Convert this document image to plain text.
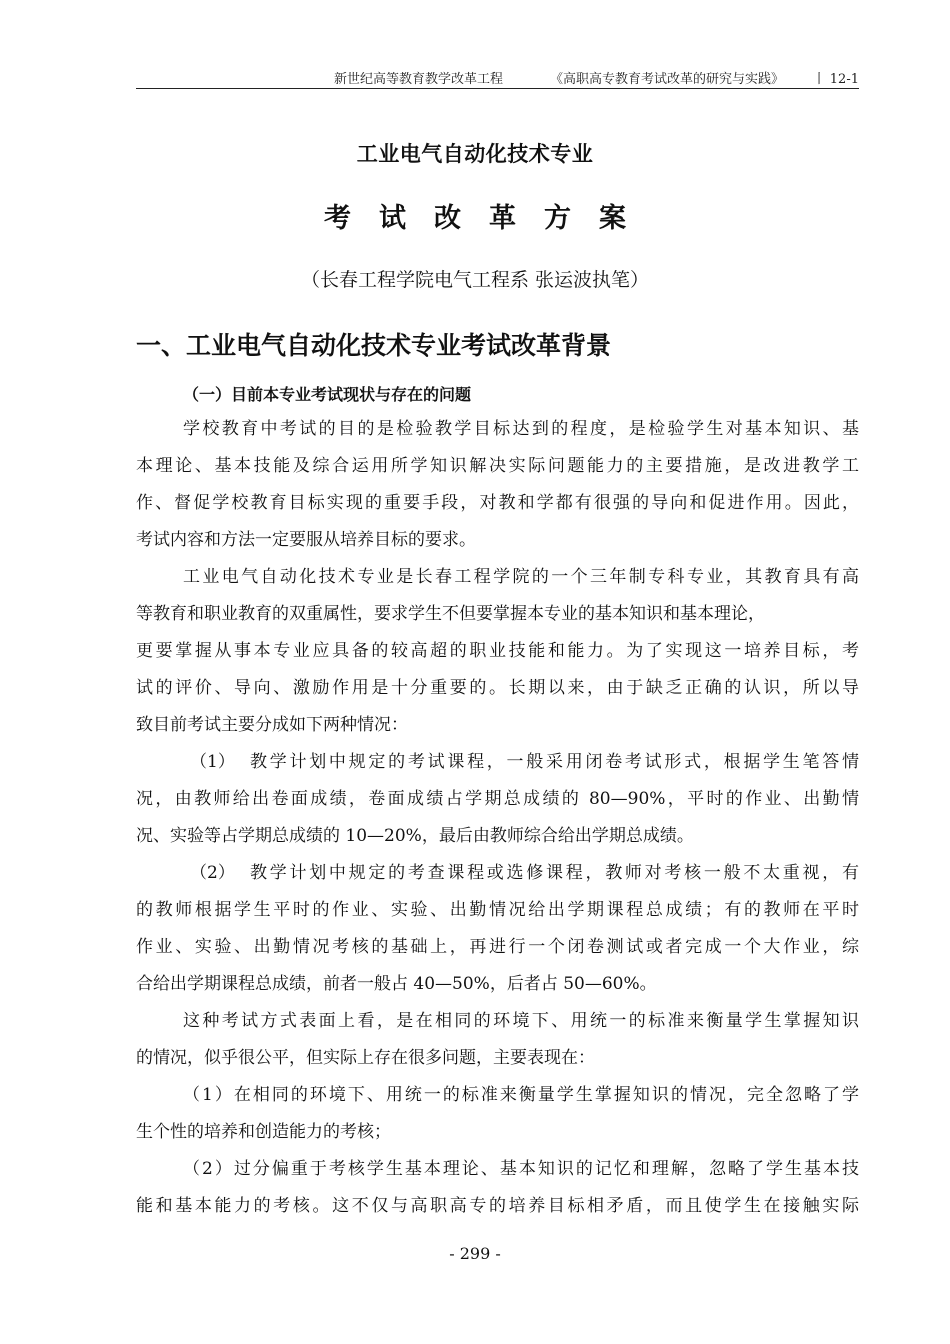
新世纪高等教育教学改革工程	《高职高专教育考试改革的研究与实践》 丨 12-1
工业电气自动化技术专业
考试改革方案
（长春工程学院电气工程系 张运波执笔）
一、工业电气自动化技术专业考试改革背景
（一）目前本专业考试现状与存在的问题
学校教育中考试的目的是检验教学目标达到的程度，是检验学生对基本知识、基
本理论、基本技能及综合运用所学知识解决实际问题能力的主要措施，是改进教学工
作、督促学校教育目标实现的重要手段，对教和学都有很强的导向和促进作用。因此，
考试内容和方法一定要服从培养目标的要求。
工业电气自动化技术专业是长春工程学院的一个三年制专科专业，其教育具有高
等教育和职业教育的双重属性，要求学生不但要掌握本专业的基本知识和基本理论，
更要掌握从事本专业应具备的较高超的职业技能和能力。为了实现这一培养目标，考
试的评价、导向、激励作用是十分重要的。长期以来，由于缺乏正确的认识，所以导
致目前考试主要分成如下两种情况：
（1） 教学计划中规定的考试课程，一般采用闭卷考试形式，根据学生笔答情
况，由教师给出卷面成绩，卷面成绩占学期总成绩的 80—90%，平时的作业、出勤情
况、实验等占学期总成绩的 10—20%，最后由教师综合给出学期总成绩。
（2） 教学计划中规定的考查课程或选修课程，教师对考核一般不太重视，有
的教师根据学生平时的作业、实验、出勤情况给出学期课程总成绩；有的教师在平时
作业、实验、出勤情况考核的基础上，再进行一个闭卷测试或者完成一个大作业，综
合给出学期课程总成绩，前者一般占 40—50%，后者占 50—60%。
这种考试方式表面上看，是在相同的环境下、用统一的标准来衡量学生掌握知识
的情况，似乎很公平，但实际上存在很多问题，主要表现在：
（1）在相同的环境下、用统一的标准来衡量学生掌握知识的情况，完全忽略了学
生个性的培养和创造能力的考核；
（2）过分偏重于考核学生基本理论、基本知识的记忆和理解，忽略了学生基本技
能和基本能力的考核。这不仅与高职高专的培养目标相矛盾，而且使学生在接触实际
- 299 -
